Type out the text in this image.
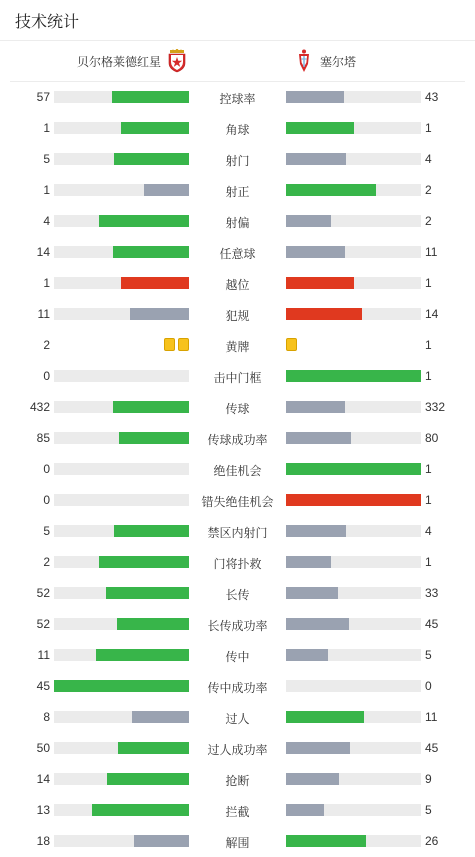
技术统计
贝尔格莱德红星	塞尔塔
57	控球率	43
1	角球	1
5	射门	4
1	射正	2
4	射偏	2
14	任意球	11
1	越位	1
11	犯规	14
2	黄牌	1
0	击中门框	1
432	传球	332
85	传球成功率	80
0	绝佳机会	1
0	错失绝佳机会	1
5	禁区内射门	4
2	门将扑救	1
52	长传	33
52	长传成功率	45
11	传中	5
45	传中成功率	0
8	过人	11
50	过人成功率	45
14	抢断	9
13	拦截	5
18	解围	26
